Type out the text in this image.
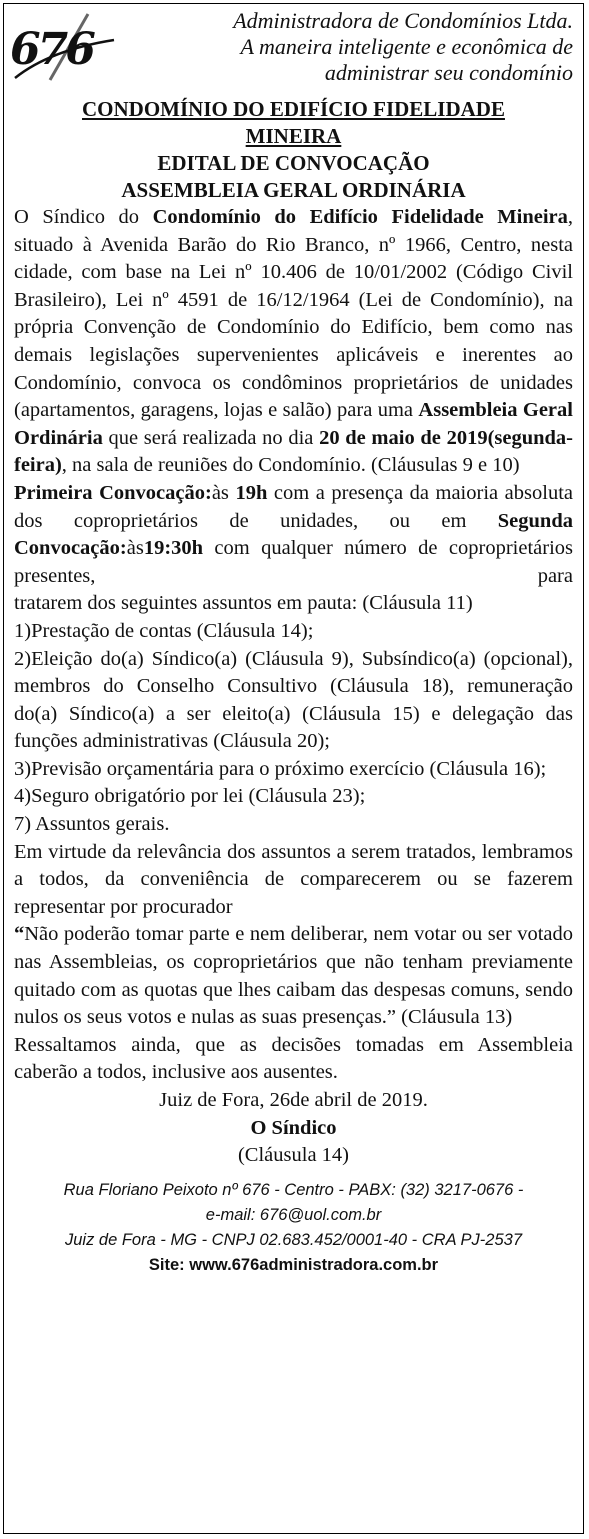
676
Administradora de Condomínios Ltda.
A maneira inteligente e econômica de
administrar seu condomínio
CONDOMÍNIO DO EDIFÍCIO FIDELIDADE
MINEIRA
EDITAL DE CONVOCAÇÃO
ASSEMBLEIA GERAL ORDINÁRIA
O Síndico do Condomínio do Edifício Fidelidade Mineira, situado à Avenida Barão do Rio Branco, nº 1966, Centro, nesta cidade, com base na Lei nº 10.406 de 10/01/2002 (Código Civil Brasileiro), Lei nº 4591 de 16/12/1964 (Lei de Condomínio), na própria Convenção de Condomínio do Edifício, bem como nas demais legislações supervenientes aplicáveis e inerentes ao Condomínio, convoca os condôminos proprietários de unidades (apartamentos, garagens, lojas e salão) para uma Assembleia Geral Ordinária que será realizada no dia 20 de maio de 2019(segunda-feira), na sala de reuniões do Condomínio. (Cláusulas 9 e 10)
Primeira Convocação:às 19h com a presença da maioria absoluta dos coproprietários de unidades, ou em Segunda Convocação:às19:30h com qualquer número de coproprietários presentes, para
tratarem dos seguintes assuntos em pauta: (Cláusula 11)
1)Prestação de contas (Cláusula 14);
2)Eleição do(a) Síndico(a) (Cláusula 9), Subsíndico(a) (opcional), membros do Conselho Consultivo (Cláusula 18), remuneração do(a) Síndico(a) a ser eleito(a) (Cláusula 15) e delegação das funções administrativas (Cláusula 20);
3)Previsão orçamentária para o próximo exercício (Cláusula 16);
4)Seguro obrigatório por lei (Cláusula 23);
7) Assuntos gerais.
Em virtude da relevância dos assuntos a serem tratados, lembramos a todos, da conveniência de comparecerem ou se fazerem representar por procurador
“Não poderão tomar parte e nem deliberar, nem votar ou ser votado nas Assembleias, os coproprietários que não tenham previamente quitado com as quotas que lhes caibam das despesas comuns, sendo nulos os seus votos e nulas as suas presenças.” (Cláusula 13)
Ressaltamos ainda, que as decisões tomadas em Assembleia caberão a todos, inclusive aos ausentes.
Juiz de Fora, 26de abril de 2019.
O Síndico
(Cláusula 14)
Rua Floriano Peixoto nº 676 - Centro - PABX: (32) 3217-0676 -
e-mail: 676@uol.com.br
Juiz de Fora - MG - CNPJ 02.683.452/0001-40 - CRA PJ-2537
Site: www.676administradora.com.br
